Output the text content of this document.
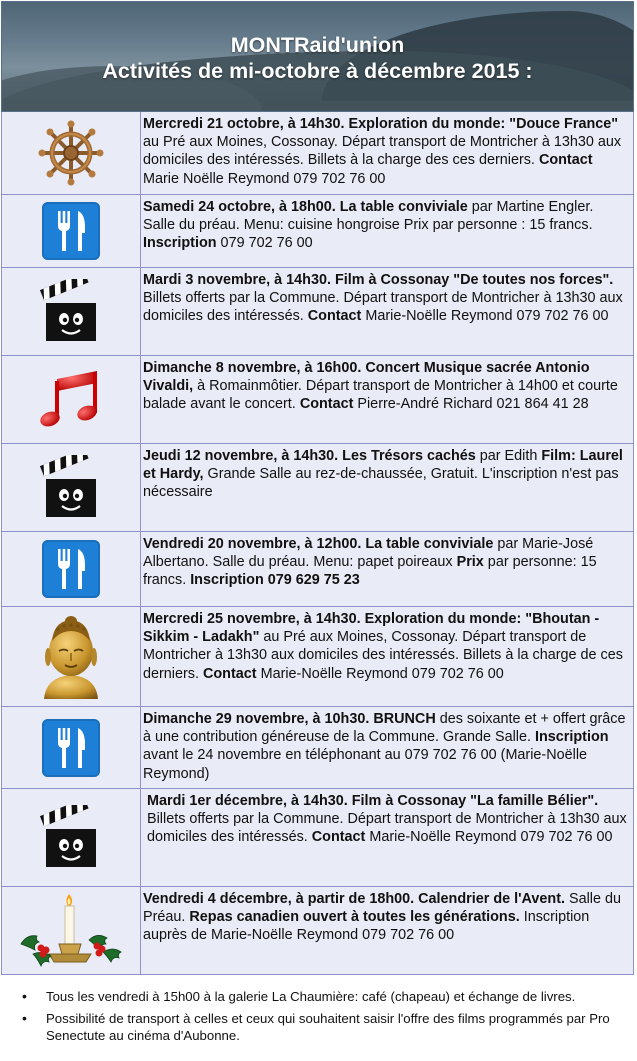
MONTRaid'union
Activités de mi-octobre à décembre 2015 :
Mercredi 21 octobre, à 14h30. Exploration du monde: "Douce France" au Pré aux Moines, Cossonay. Départ transport de Montricher à 13h30 aux domiciles des intéressés. Billets à la charge des ces derniers. Contact Marie Noëlle Reymond 079 702 76 00
Samedi 24 octobre, à 18h00. La table conviviale par Martine Engler. Salle du préau. Menu: cuisine hongroise Prix par personne : 15 francs. Inscription 079 702 76 00
Mardi 3 novembre, à 14h30. Film à Cossonay "De toutes nos forces". Billets offerts par la Commune. Départ transport de Montricher à 13h30 aux domiciles des intéressés. Contact Marie-Noëlle Reymond 079 702 76 00
Dimanche 8 novembre, à 16h00. Concert Musique sacrée Antonio Vivaldi, à Romainmôtier. Départ transport de Montricher à 14h00 et courte balade avant le concert. Contact Pierre-André Richard 021 864 41 28
Jeudi 12 novembre, à 14h30. Les Trésors cachés par Edith Film: Laurel et Hardy, Grande Salle au rez-de-chaussée, Gratuit. L'inscription n'est pas nécessaire
Vendredi 20 novembre, à 12h00. La table conviviale par Marie-José Albertano. Salle du préau. Menu: papet poireaux Prix par personne: 15 francs. Inscription 079 629 75 23
Mercredi 25 novembre, à 14h30. Exploration du monde: "Bhoutan - Sikkim - Ladakh" au Pré aux Moines, Cossonay. Départ transport de Montricher à 13h30 aux domiciles des intéressés. Billets à la charge de ces derniers. Contact Marie-Noëlle Reymond 079 702 76 00
Dimanche 29 novembre, à 10h30. BRUNCH des soixante et + offert grâce à une contribution généreuse de la Commune. Grande Salle. Inscription avant le 24 novembre en téléphonant au 079 702 76 00 (Marie-Noëlle Reymond)
Mardi 1er décembre, à 14h30. Film à Cossonay "La famille Bélier". Billets offerts par la Commune. Départ transport de Montricher à 13h30 aux domiciles des intéressés. Contact Marie-Noëlle Reymond 079 702 76 00
Vendredi 4 décembre, à partir de 18h00. Calendrier de l'Avent. Salle du Préau. Repas canadien ouvert à toutes les générations. Inscription auprès de Marie-Noëlle Reymond 079 702 76 00
• Tous les vendredi à 15h00 à la galerie La Chaumière: café (chapeau) et échange de livres.
• Possibilité de transport à celles et ceux qui souhaitent saisir l'offre des films programmés par Pro Senectute au cinéma d'Aubonne.
